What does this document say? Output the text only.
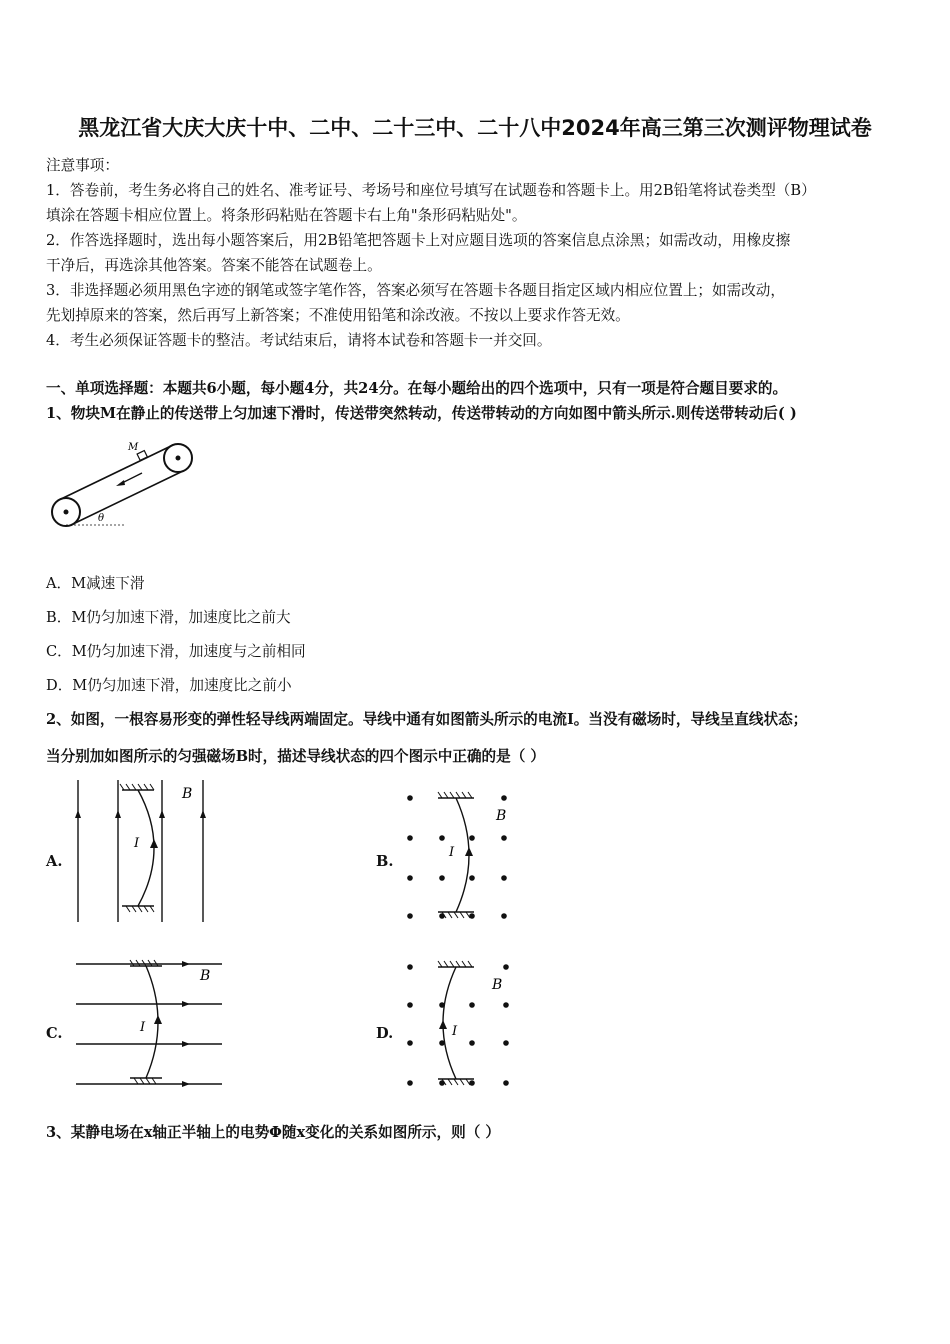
黑龙江省大庆大庆十中、二中、二十三中、二十八中2024年高三第三次测评物理试卷
注意事项：
1．答卷前，考生务必将自己的姓名、准考证号、考场号和座位号填写在试题卷和答题卡上。用2B铅笔将试卷类型（B）
填涂在答题卡相应位置上。将条形码粘贴在答题卡右上角"条形码粘贴处"。
2．作答选择题时，选出每小题答案后，用2B铅笔把答题卡上对应题目选项的答案信息点涂黑；如需改动，用橡皮擦
干净后，再选涂其他答案。答案不能答在试题卷上。
3．非选择题必须用黑色字迹的钢笔或签字笔作答，答案必须写在答题卡各题目指定区域内相应位置上；如需改动，
先划掉原来的答案，然后再写上新答案；不准使用铅笔和涂改液。不按以上要求作答无效。
4．考生必须保证答题卡的整洁。考试结束后，请将本试卷和答题卡一并交回。
一、单项选择题：本题共6小题，每小题4分，共24分。在每小题给出的四个选项中，只有一项是符合题目要求的。
1、物块M在静止的传送带上匀加速下滑时，传送带突然转动，传送带转动的方向如图中箭头所示.则传送带转动后( )
M
θ
A．M减速下滑
B．M仍匀加速下滑，加速度比之前大
C．M仍匀加速下滑，加速度与之前相同
D．M仍匀加速下滑，加速度比之前小
2、如图，一根容易形变的弹性轻导线两端固定。导线中通有如图箭头所示的电流I。当没有磁场时，导线呈直线状态；
当分别加如图所示的匀强磁场B时，描述导线状态的四个图示中正确的是（ ）
A.
I
B
B.
I
B
C.	I
B
D.	I
B
3、某静电场在x轴正半轴上的电势Φ随x变化的关系如图所示，则（ ）
